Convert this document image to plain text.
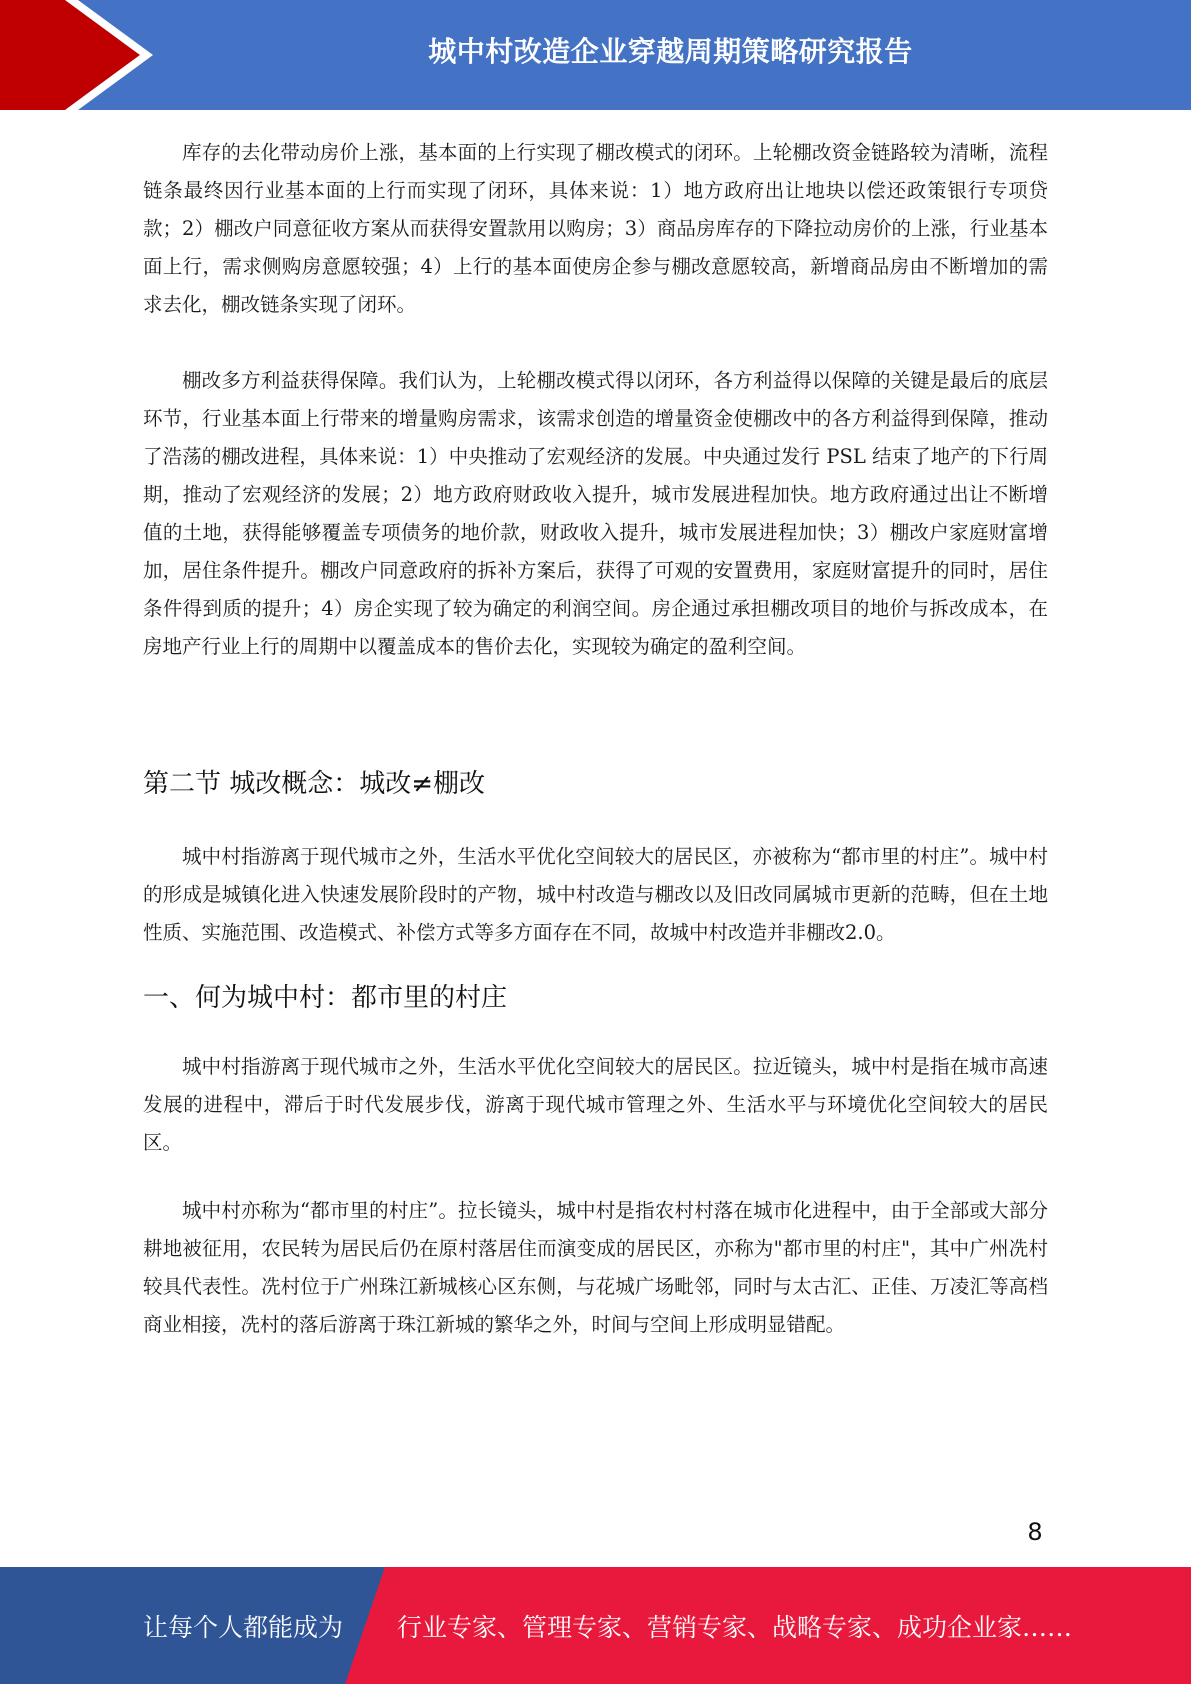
城中村改造企业穿越周期策略研究报告

库存的去化带动房价上涨，基本面的上行实现了棚改模式的闭环。上轮棚改资金链路较为清晰，流程链条最终因行业基本面的上行而实现了闭环，具体来说：1）地方政府出让地块以偿还政策银行专项贷款；2）棚改户同意征收方案从而获得安置款用以购房；3）商品房库存的下降拉动房价的上涨，行业基本面上行，需求侧购房意愿较强；4）上行的基本面使房企参与棚改意愿较高，新增商品房由不断增加的需求去化，棚改链条实现了闭环。

棚改多方利益获得保障。我们认为，上轮棚改模式得以闭环，各方利益得以保障的关键是最后的底层环节，行业基本面上行带来的增量购房需求，该需求创造的增量资金使棚改中的各方利益得到保障，推动了浩荡的棚改进程，具体来说：1）中央推动了宏观经济的发展。中央通过发行 PSL 结束了地产的下行周期，推动了宏观经济的发展；2）地方政府财政收入提升，城市发展进程加快。地方政府通过出让不断增值的土地，获得能够覆盖专项债务的地价款，财政收入提升，城市发展进程加快；3）棚改户家庭财富增加，居住条件提升。棚改户同意政府的拆补方案后，获得了可观的安置费用，家庭财富提升的同时，居住条件得到质的提升；4）房企实现了较为确定的利润空间。房企通过承担棚改项目的地价与拆改成本，在房地产行业上行的周期中以覆盖成本的售价去化，实现较为确定的盈利空间。

第二节 城改概念：城改≠棚改

城中村指游离于现代城市之外，生活水平优化空间较大的居民区，亦被称为“都市里的村庄”。城中村的形成是城镇化进入快速发展阶段时的产物，城中村改造与棚改以及旧改同属城市更新的范畴，但在土地性质、实施范围、改造模式、补偿方式等多方面存在不同，故城中村改造并非棚改2.0。

一、何为城中村：都市里的村庄

城中村指游离于现代城市之外，生活水平优化空间较大的居民区。拉近镜头，城中村是指在城市高速发展的进程中，滞后于时代发展步伐，游离于现代城市管理之外、生活水平与环境优化空间较大的居民区。

城中村亦称为“都市里的村庄”。拉长镜头，城中村是指农村村落在城市化进程中，由于全部或大部分耕地被征用，农民转为居民后仍在原村落居住而演变成的居民区，亦称为"都市里的村庄"，其中广州冼村较具代表性。冼村位于广州珠江新城核心区东侧，与花城广场毗邻，同时与太古汇、正佳、万凌汇等高档商业相接，冼村的落后游离于珠江新城的繁华之外，时间与空间上形成明显错配。

8
让每个人都能成为 行业专家、管理专家、营销专家、战略专家、成功企业家……
